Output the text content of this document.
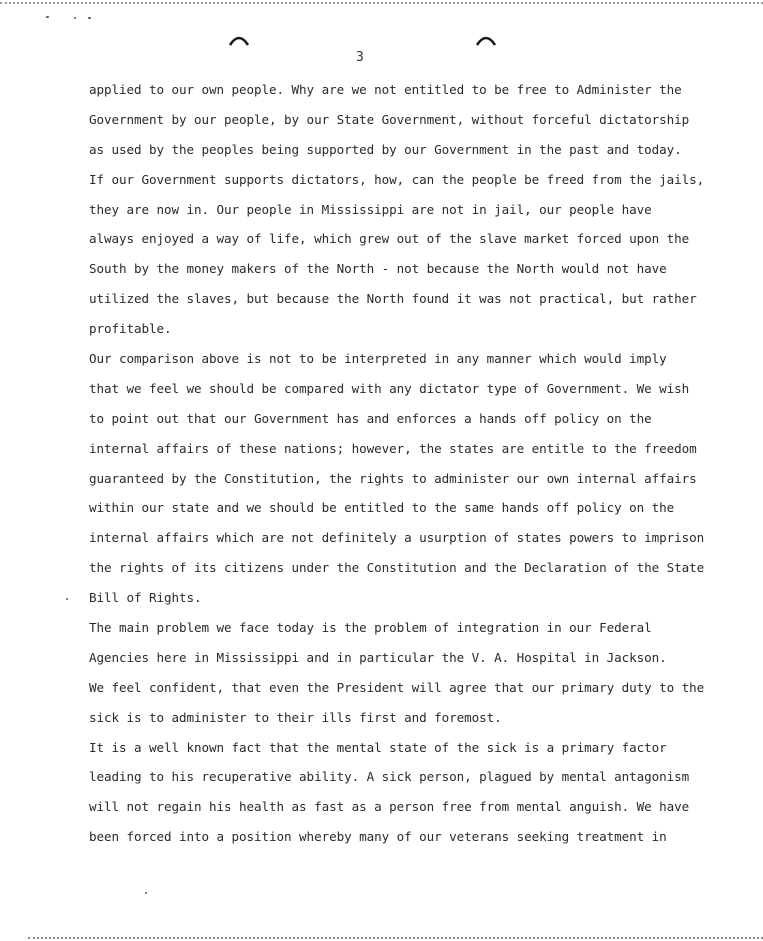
3
applied to our own people. Why are we not entitled to be free to Administer the
Government by our people, by our State Government, without forceful dictatorship
as used by the peoples being supported by our Government in the past and today.
If our Government supports dictators, how, can the people be freed from the jails,
they are now in. Our people in Mississippi are not in jail, our people have
always enjoyed a way of life, which grew out of the slave market forced upon the
South by the money makers of the North - not because the North would not have
utilized the slaves, but because the North found it was not practical, but rather
profitable.
Our comparison above is not to be interpreted in any manner which would imply
that we feel we should be compared with any dictator type of Government. We wish
to point out that our Government has and enforces a hands off policy on the
internal affairs of these nations; however, the states are entitle to the freedom
guaranteed by the Constitution, the rights to administer our own internal affairs
within our state and we should be entitled to the same hands off policy on the
internal affairs which are not definitely a usurption of states powers to imprison
the rights of its citizens under the Constitution and the Declaration of the State
Bill of Rights.
The main problem we face today is the problem of integration in our Federal
Agencies here in Mississippi and in particular the V. A. Hospital in Jackson.
We feel confident, that even the President will agree that our primary duty to the
sick is to administer to their ills first and foremost.
It is a well known fact that the mental state of the sick is a primary factor
leading to his recuperative ability. A sick person, plagued by mental antagonism
will not regain his health as fast as a person free from mental anguish. We have
been forced into a position whereby many of our veterans seeking treatment in
